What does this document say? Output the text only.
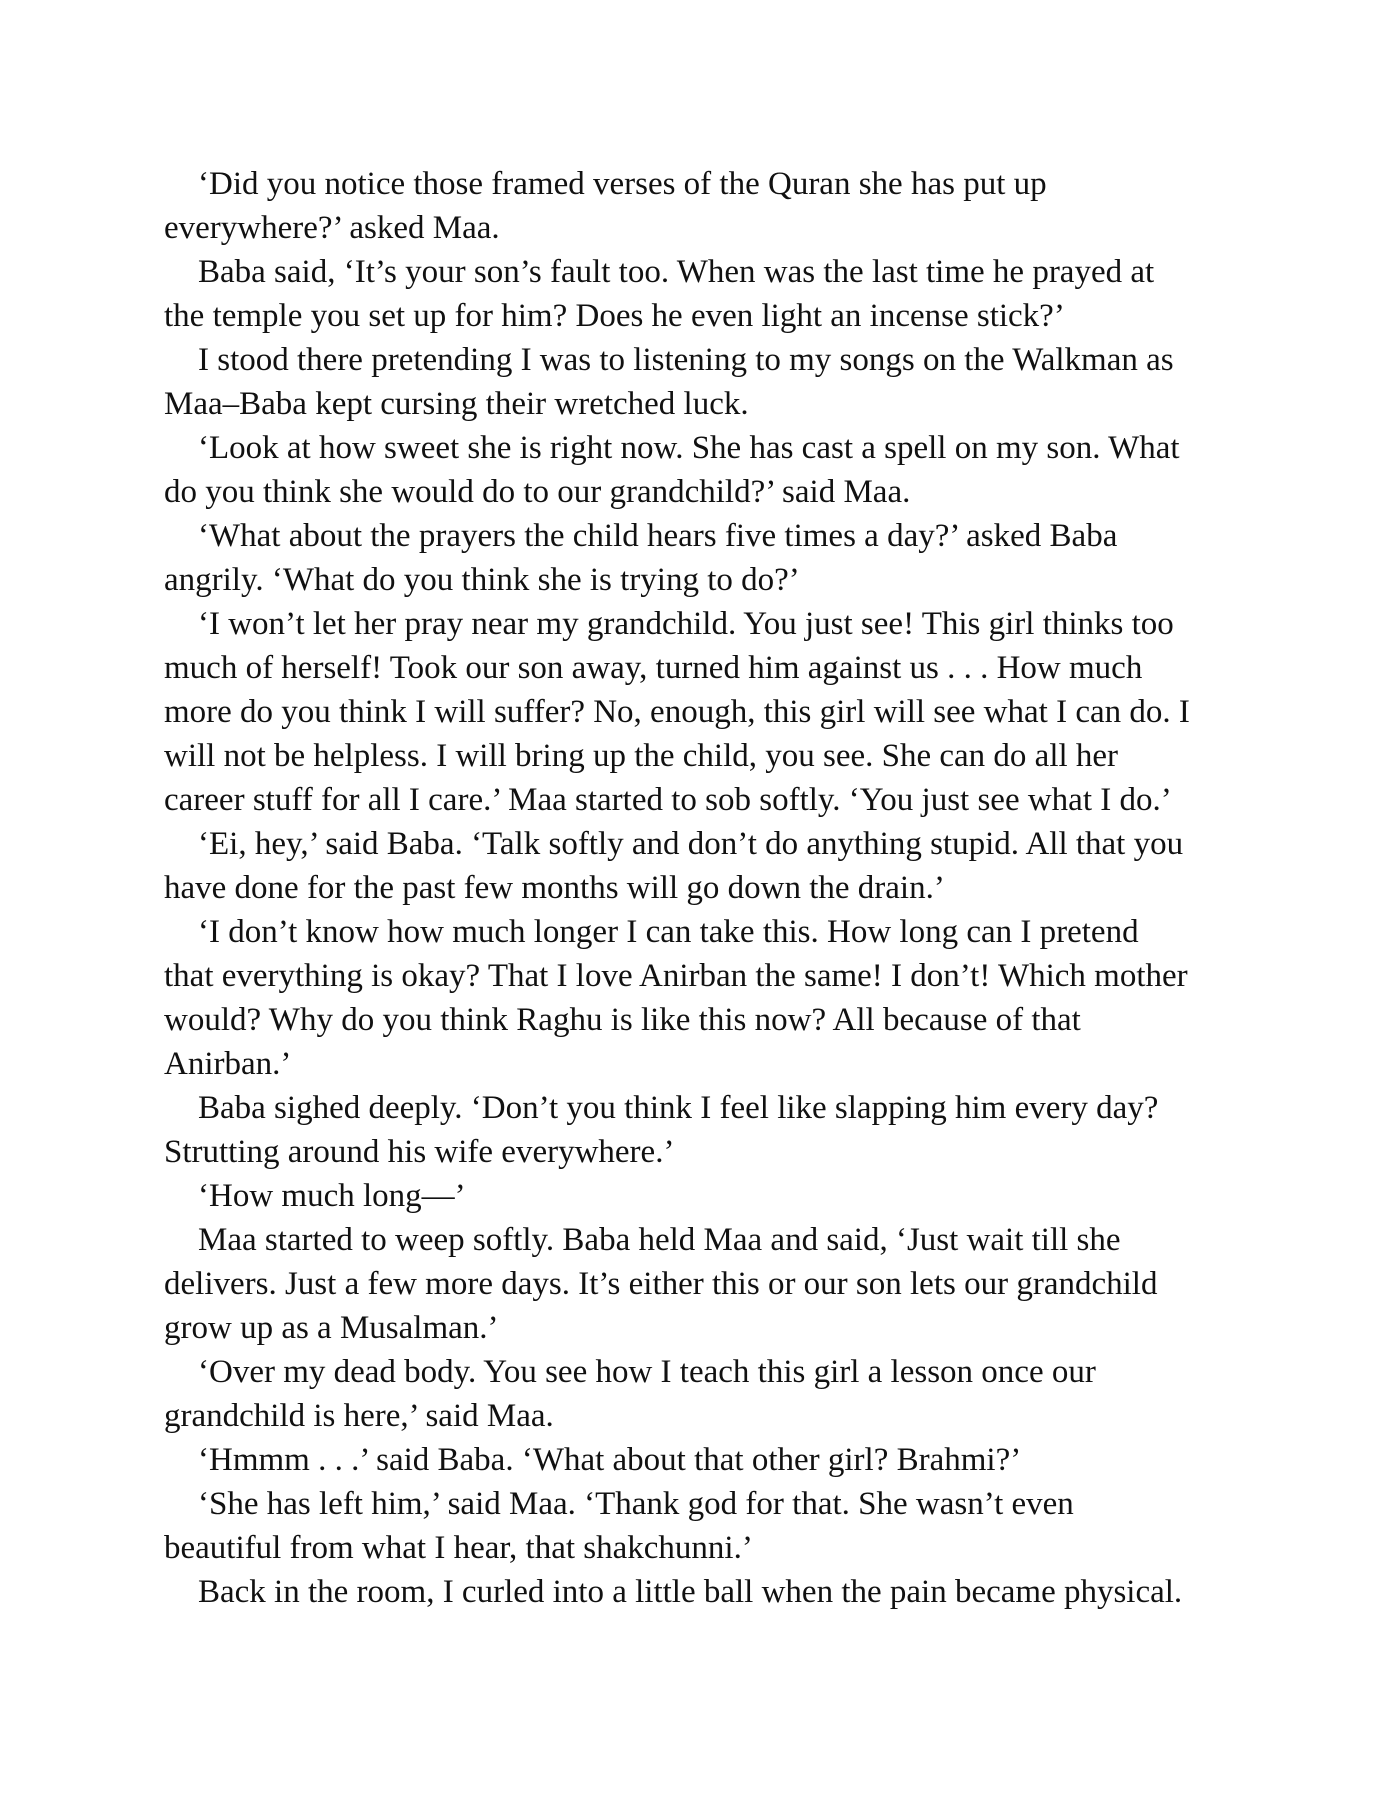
‘Did you notice those framed verses of the Quran she has put up
everywhere?’ asked Maa.

Baba said, ‘It’s your son’s fault too. When was the last time he prayed at
the temple you set up for him? Does he even light an incense stick?’

I stood there pretending I was to listening to my songs on the Walkman as
Maa–Baba kept cursing their wretched luck.

‘Look at how sweet she is right now. She has cast a spell on my son. What
do you think she would do to our grandchild?’ said Maa.

‘What about the prayers the child hears five times a day?’ asked Baba
angrily. ‘What do you think she is trying to do?’

‘I won’t let her pray near my grandchild. You just see! This girl thinks too
much of herself! Took our son away, turned him against us . . . How much
more do you think I will suffer? No, enough, this girl will see what I can do. I
will not be helpless. I will bring up the child, you see. She can do all her
career stuff for all I care.’ Maa started to sob softly. ‘You just see what I do.’

‘Ei, hey,’ said Baba. ‘Talk softly and don’t do anything stupid. All that you
have done for the past few months will go down the drain.’

‘I don’t know how much longer I can take this. How long can I pretend
that everything is okay? That I love Anirban the same! I don’t! Which mother
would? Why do you think Raghu is like this now? All because of that
Anirban.’

Baba sighed deeply. ‘Don’t you think I feel like slapping him every day?
Strutting around his wife everywhere.’

‘How much long—’

Maa started to weep softly. Baba held Maa and said, ‘Just wait till she
delivers. Just a few more days. It’s either this or our son lets our grandchild
grow up as a Musalman.’

‘Over my dead body. You see how I teach this girl a lesson once our
grandchild is here,’ said Maa.

‘Hmmm . . .’ said Baba. ‘What about that other girl? Brahmi?’

‘She has left him,’ said Maa. ‘Thank god for that. She wasn’t even
beautiful from what I hear, that shakchunni.’

Back in the room, I curled into a little ball when the pain became physical.
